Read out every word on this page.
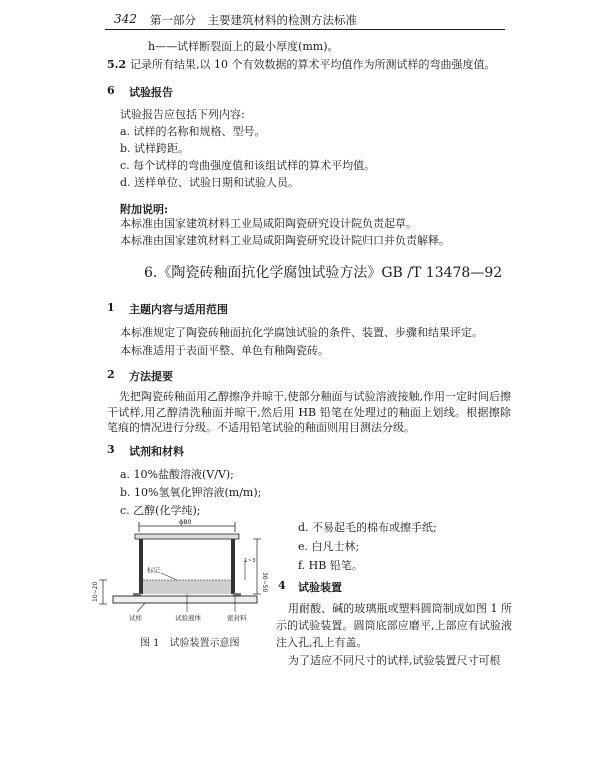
342 第一部分　主要建筑材料的检测方法标准
h——试样断裂面上的最小厚度(mm)。
5.2 记录所有结果,以 10 个有效数据的算术平均值作为所测试样的弯曲强度值。
6 试验报告
试验报告应包括下列内容:
a. 试样的名称和规格、型号。
b. 试样跨距。
c. 每个试样的弯曲强度值和该组试样的算术平均值。
d. 送样单位、试验日期和试验人员。
附加说明:
本标准由国家建筑材料工业局咸阳陶瓷研究设计院负责起草。
本标准由国家建筑材料工业局咸阳陶瓷研究设计院归口并负责解释。
6.《陶瓷砖釉面抗化学腐蚀试验方法》GB /T 13478—92
1 主题内容与适用范围
本标准规定了陶瓷砖釉面抗化学腐蚀试验的条件、装置、步骤和结果评定。
本标准适用于表面平整、单色有釉陶瓷砖。
2 方法提要
先把陶瓷砖釉面用乙醇擦净并晾干,使部分釉面与试验溶液接触,作用一定时间后擦干试样,用乙醇清洗釉面并晾干,然后用 HB 铅笔在处理过的釉面上划线。根据擦除笔痕的情况进行分级。不适用铅笔试验的釉面则用目测法分级。
3 试剂和材料
a. 10%盐酸溶液(V/V);
b. 10%氢氧化钾溶液(m/m);
c. 乙醇(化学纯);
d. 不易起毛的棉布或擦手纸;
e. 白凡士林;
f. HB 铅笔。
4 试验装置
用耐酸、碱的玻璃瓶或塑料圆筒制成如图 1 所示的试验装置。圆筒底部应磨平,上部应有试验液注入孔,孔上有盖。
为了适应不同尺寸的试样,试验装置尺寸可根
ϕ80
30~50
1~3
10~20
标记
试样	试验液体	密封料
图 1　试验装置示意图
